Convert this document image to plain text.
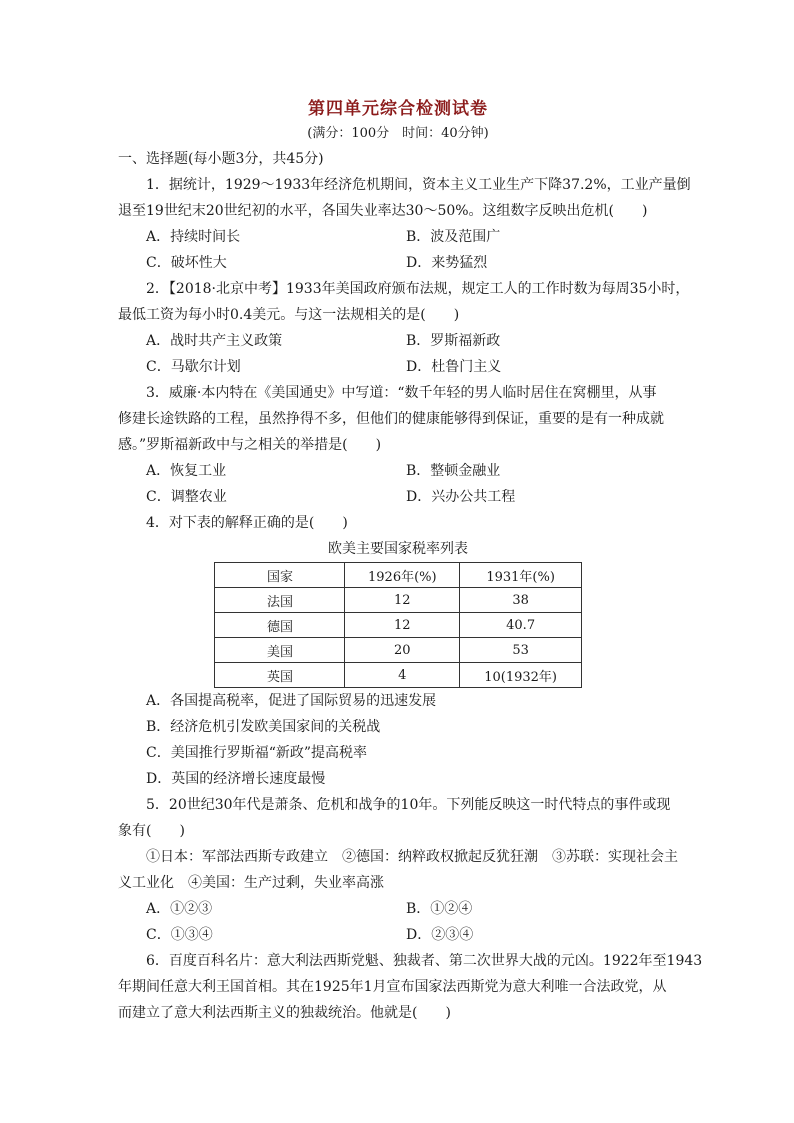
第四单元综合检测试卷
(满分：100分　时间：40分钟)
一、选择题(每小题3分，共45分)
1．据统计，1929～1933年经济危机期间，资本主义工业生产下降37.2%，工业产量倒
退至19世纪末20世纪初的水平，各国失业率达30～50%。这组数字反映出危机(　　)
A．持续时间长	B．波及范围广
C．破坏性大	D．来势猛烈
2．【2018·北京中考】1933年美国政府颁布法规，规定工人的工作时数为每周35小时，
最低工资为每小时0.4美元。与这一法规相关的是(　　)
A．战时共产主义政策	B．罗斯福新政
C．马歇尔计划	D．杜鲁门主义
3．威廉·本内特在《美国通史》中写道：“数千年轻的男人临时居住在窝棚里，从事
修建长途铁路的工程，虽然挣得不多，但他们的健康能够得到保证，重要的是有一种成就
感。”罗斯福新政中与之相关的举措是(　　)
A．恢复工业	B．整顿金融业
C．调整农业	D．兴办公共工程
4．对下表的解释正确的是(　　)
欧美主要国家税率列表
国家	1926年(%)	1931年(%)
法国	12	38
德国	12	40.7
美国	20	53
英国	4	10(1932年)
A．各国提高税率，促进了国际贸易的迅速发展
B．经济危机引发欧美国家间的关税战
C．美国推行罗斯福“新政”提高税率
D．英国的经济增长速度最慢
5．20世纪30年代是萧条、危机和战争的10年。下列能反映这一时代特点的事件或现
象有(　　)
①日本：军部法西斯专政建立　②德国：纳粹政权掀起反犹狂潮　③苏联：实现社会主
义工业化　④美国：生产过剩，失业率高涨
A．①②③	B．①②④
C．①③④	D．②③④
6．百度百科名片：意大利法西斯党魁、独裁者、第二次世界大战的元凶。1922年至1943
年期间任意大利王国首相。其在1925年1月宣布国家法西斯党为意大利唯一合法政党，从
而建立了意大利法西斯主义的独裁统治。他就是(　　)
